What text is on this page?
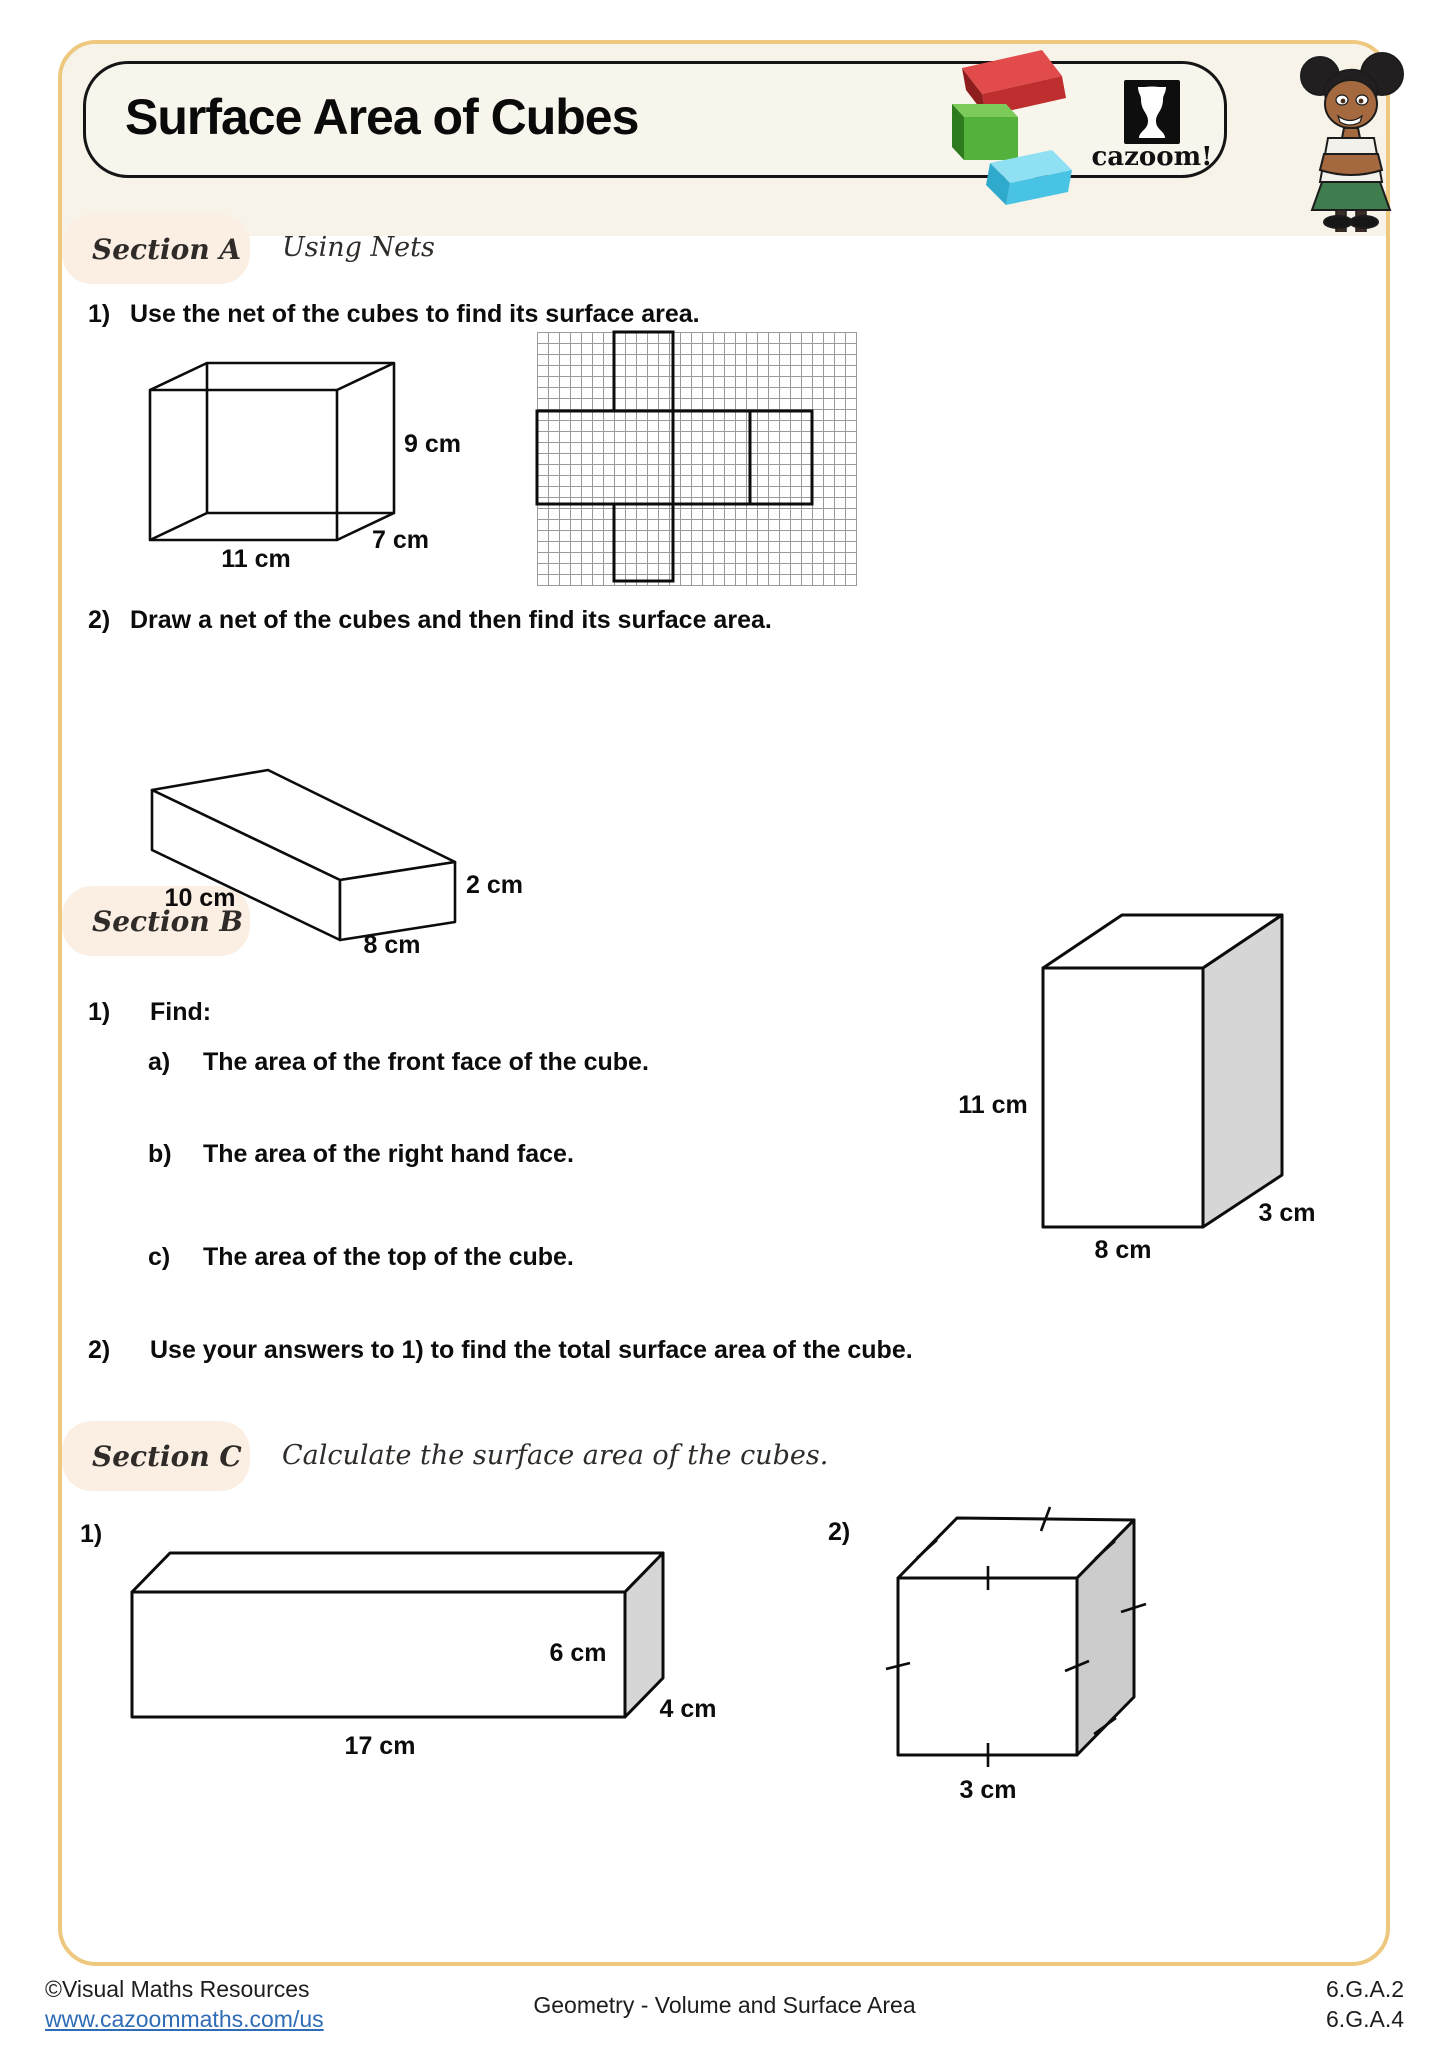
Surface Area of Cubes
cazoom!
Section A Using Nets
1) Use the net of the cubes to find its surface area.
2) Draw a net of the cubes and then find its surface area.
Section B
1) Find:
a) The area of the front face of the cube.
b) The area of the right hand face.
c) The area of the top of the cube.
2) Use your answers to 1) to find the total surface area of the cube.
Section C Calculate the surface area of the cubes.
1)	2)
9 cm
7 cm
11 cm
10 cm
8 cm
2 cm
11 cm
8 cm
3 cm
6 cm
4 cm
17 cm
3 cm
©Visual Maths Resources
www.cazoommaths.com/us
Geometry - Volume and Surface Area
6.G.A.2
6.G.A.4
